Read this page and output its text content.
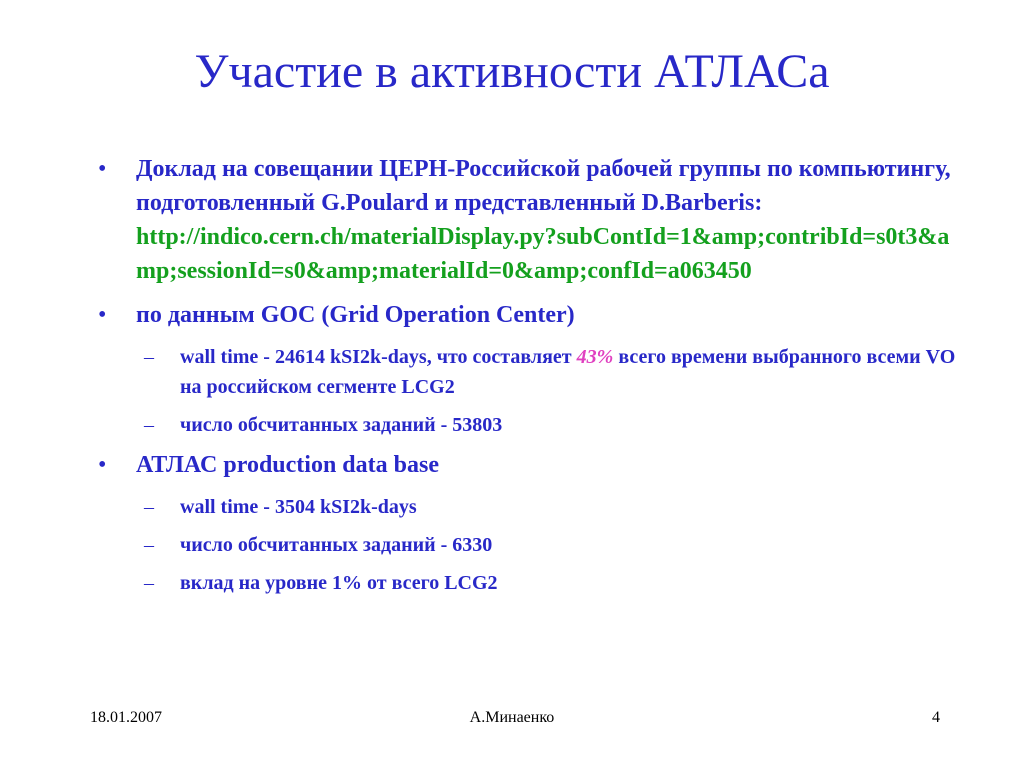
Участие в активности АТЛАСа
• Доклад на совещании ЦЕРН-Российской рабочей группы по компьютингу, подготовленный G.Poulard и представленный D.Barberis:
http://indico.cern.ch/materialDisplay.py?subContId=1&amp;contribId=s0t3&amp;sessionId=s0&amp;materialId=0&amp;confId=a063450
• по данным GOC (Grid Operation Center)
– wall time - 24614 kSI2k-days, что составляет 43% всего времени выбранного всеми VO на российском сегменте LCG2
– число обсчитанных заданий - 53803
• АТЛАС production data base
– wall time - 3504 kSI2k-days
– число обсчитанных заданий - 6330
– вклад на уровне 1% от всего LCG2
18.01.2007	А.Минаенко	4
